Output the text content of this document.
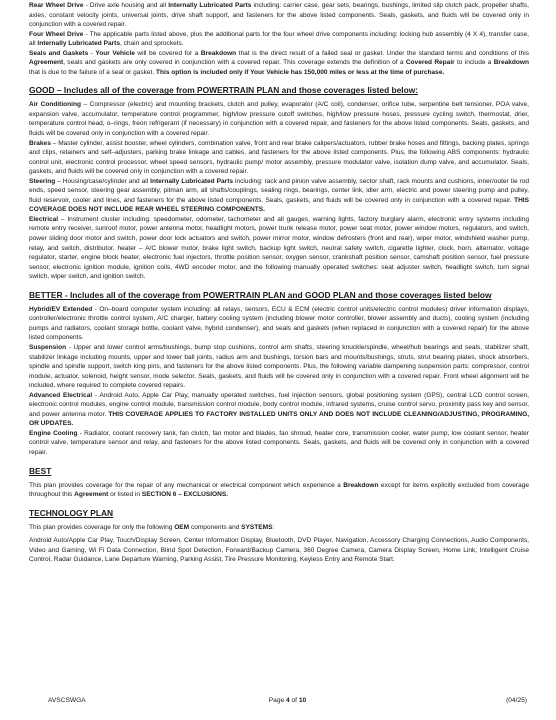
Rear Wheel Drive - Drive axle housing and all Internally Lubricated Parts including: carrier case, gear sets, bearings, bushings, limited slip clutch pack, propeller shafts, axles, constant velocity joints, universal joints, drive shaft support, and fasteners for the above listed components. Seals, gaskets, and fluids will be covered only in conjunction with a covered repair.

Four Wheel Drive - The applicable parts listed above, plus the additional parts for the four wheel drive components including: locking hub assembly (4 X 4), transfer case, all Internally Lubricated Parts, chain and sprockets.

Seals and Gaskets - Your Vehicle will be covered for a Breakdown that is the direct result of a failed seal or gasket. Under the standard terms and conditions of this Agreement, seals and gaskets are only covered in conjunction with a covered repair. This coverage extends the definition of a Covered Repair to include a Breakdown that is due to the failure of a seal or gasket. This option is included only if Your Vehicle has 150,000 miles or less at the time of purchase.

GOOD – Includes all of the coverage from POWERTRAIN PLAN and those coverages listed below:

Air Conditioning – Compressor (electric) and mounting brackets, clutch and pulley, evaporator (A/C coil), condenser, orifice tube, serpentine belt tensioner, POA valve, expansion valve, accumulator, temperature control programmer, high/low pressure cutoff switches, high/low pressure hoses, pressure cycling switch, thermostat, drier, temperature control head, o–rings, freon refrigerant (if necessary) in conjunction with a covered repair, and fasteners for the above listed components. Seals, gaskets, and fluids will be covered only in conjunction with a covered repair.

Brakes – Master cylinder, assist booster, wheel cylinders, combination valve, front and rear brake calipers/actuators, rubber brake hoses and fittings, backing plates, springs and clips, retainers and self–adjusters, parking brake linkage and cables, and fasteners for the above listed components. Plus, the following ABS components: hydraulic control unit, electronic control processor, wheel speed sensors, hydraulic pump/ motor assembly, pressure modulator valve, isolation dump valve, and accumulator. Seals, gaskets, and fluids will be covered only in conjunction with a covered repair.

Steering – Housing/case/cylinder and all Internally Lubricated Parts including: rack and pinion valve assembly, sector shaft, rack mounts and cushions, inner/outer tie rod ends, speed sensor, steering gear assembly, pitman arm, all shafts/couplings, sealing rings, bearings, center link, idler arm, electric and power steering pump and pulley, fluid reservoir, cooler and lines, and fasteners for the above listed components. Seals, gaskets, and fluids will be covered only in conjunction with a covered repair. THIS COVERAGE DOES NOT INCLUDE REAR WHEEL STEERING COMPONENTS.

Electrical – Instrument cluster including: speedometer, odometer, tachometer and all gauges, warning lights, factory burglary alarm, electronic entry systems including remote entry receiver, sunroof motor, power antenna motor, headlight motors, power trunk release motor, power seat motor, power window motors, regulators, and switch, power sliding door motor and switch, power door lock actuators and switch, power mirror motor, window defrosters (front and rear), wiper motor, windshield washer pump, relay, and switch, distributor, heater – A/C blower motor, brake light switch, backup light switch, neutral safety switch, cigarette lighter, clock, horn, alternator, voltage regulator, starter, engine block heater, electronic fuel injectors, throttle position sensor, oxygen sensor, crankshaft position sensor, camshaft position sensor, fuel pressure sensor, electronic ignition module, ignition coils, 4WD encoder motor, and the following manually operated switches: seat adjuster switch, headlight switch, turn signal switch, wiper switch, and ignition switch.

BETTER - Includes all of the coverage from POWERTRAIN PLAN and GOOD PLAN and those coverages listed below

Hybrid/EV Extended - On–board computer system including: all relays, sensors, ECU & ECM (electric control units/electric control modules) driver information displays, controller/electronic throttle control system, A/C charger, battery cooling system (including blower motor controller, blower assembly and ducts), cooling system (including pumps and radiators, coolant storage bottle, coolant valve, hybrid condenser), and seals and gaskets (when replaced in conjunction with a covered repair) for the above listed components.

Suspension - Upper and lower control arms/bushings, bump stop cushions, control arm shafts, steering knuckle/spindle, wheel/hub bearings and seals, stabilizer shaft, stabilizer linkage including mounts, upper and lower ball joints, radius arm and bushings, torsion bars and mounts/bushings, struts, strut bearing plates, shock absorbers, spindle and spindle support, switch king pins, and fasteners for the above listed components. Plus, the following variable dampening suspension parts: compressor, control module, actuator, solenoid, height sensor, mode selector. Seals, gaskets, and fluids will be covered only in conjunction with a covered repair. Front wheel alignment will be included, where required to complete covered repairs.

Advanced Electrical - Android Auto, Apple Car Play, manually operated switches, fuel injection sensors, global positioning system (GPS), central LCD control screen, electronic control modules, engine control module, transmission control module, body control module, infrared systems, cruise control servo, proximity pass key and sensor, and power antenna motor. THIS COVERAGE APPLIES TO FACTORY INSTALLED UNITS ONLY AND DOES NOT INCLUDE CLEANING/ADJUSTING, PROGRAMING, OR UPDATES.

Engine Cooling - Radiator, coolant recovery tank, fan clutch, fan motor and blades, fan shroud, heater core, transmission cooler, water pump, low coolant sensor, heater control valve, temperature sensor and relay, and fasteners for the above listed components. Seals, gaskets, and fluids will be covered only in conjunction with a covered repair.

BEST

This plan provides coverage for the repair of any mechanical or electrical component which experience a Breakdown except for items explicitly excluded from coverage throughout this Agreement or listed in SECTION 6 – EXCLUSIONS.

TECHNOLOGY PLAN

This plan provides coverage for only the following OEM components and SYSTEMS:

Android Auto/Apple Car Play, Touch/Display Screen, Center Information Display, Bluetooth, DVD Player, Navigation, Accessory Charging Connections, Audio Components, Video and Gaming, Wi Fi Data Connection, Blind Spot Detection, Forward/Backup Camera, 360 Degree Camera, Camera Display Screen, Home Link, Intelligent Cruise Control, Radar Guidance, Lane Departure Warning, Parking Assist, Tire Pressure Monitoring, Keyless Entry and Remote Start.

AVSCSWGA	Page 4 of 10	(04/25)
